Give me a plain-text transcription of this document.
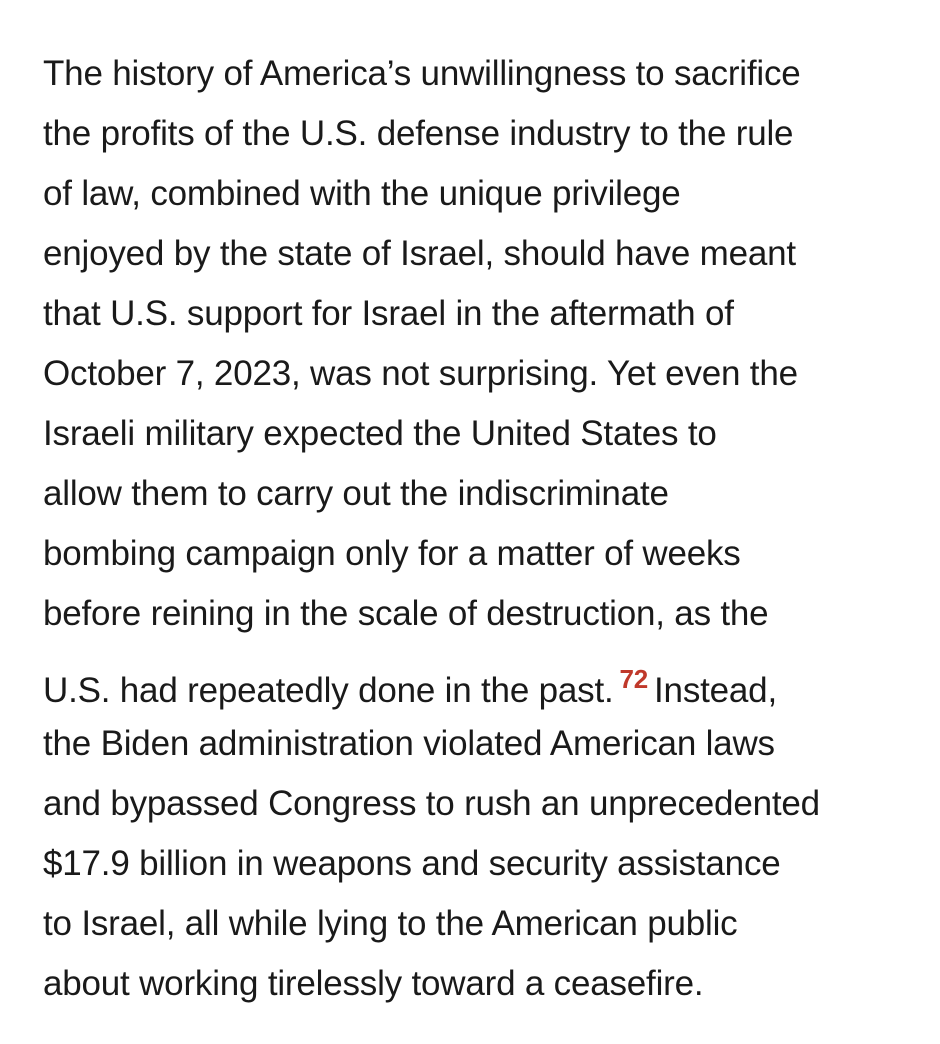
The history of America’s unwillingness to sacrifice
the profits of the U.S. defense industry to the rule
of law, combined with the unique privilege
enjoyed by the state of Israel, should have meant
that U.S. support for Israel in the aftermath of
October 7, 2023, was not surprising. Yet even the
Israeli military expected the United States to
allow them to carry out the indiscriminate
bombing campaign only for a matter of weeks
before reining in the scale of destruction, as the
U.S. had repeatedly done in the past. $^{72}$ Instead,
the Biden administration violated American laws
and bypassed Congress to rush an unprecedented
$17.9 billion in weapons and security assistance
to Israel, all while lying to the American public
about working tirelessly toward a ceasefire.
